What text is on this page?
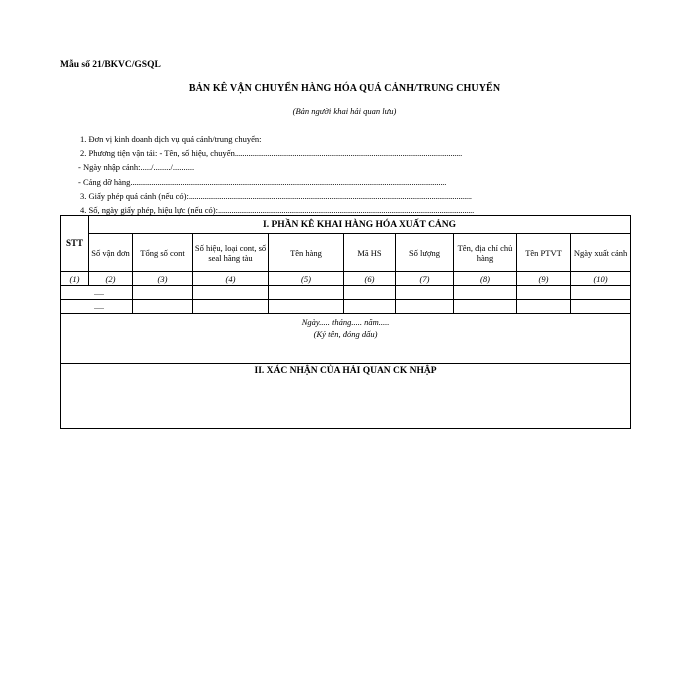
Mẫu số 21/BKVC/GSQL
BẢN KÊ VẬN CHUYỂN HÀNG HÓA QUÁ CẢNH/TRUNG CHUYỂN
(Bản người khai hải quan lưu)
1. Đơn vị kinh doanh dịch vụ quá cảnh/trung chuyển:
2. Phương tiện vận tải: - Tên, số hiệu, chuyến......................................................................................................................
- Ngày nhập cảnh:...../......../..........
- Cảng dỡ hàng....................................................................................................................................................................
3. Giấy phép quá cảnh (nếu có):...................................................................................................................................................
4. Số, ngày giấy phép, hiệu lực (nếu có):.....................................................................................................................................
STT	I. PHẦN KÊ KHAI HÀNG HÓA XUẤT CẢNG								
	Số vận đơn	Tổng số cont	Số hiệu, loại cont, số seal hãng tàu	Tên hàng	Mã HS	Số lượng	Tên, địa chỉ chủ hàng	Tên PTVT	Ngày xuất cảnh
(1)	(2)	(3)	(4)	(5)	(6)	(7)	(8)	(9)	(10)
.....									
.....									

Ngày..... tháng..... năm.....
(Ký tên, đóng dấu)									

II. XÁC NHẬN CỦA HẢI QUAN CK NHẬP									
